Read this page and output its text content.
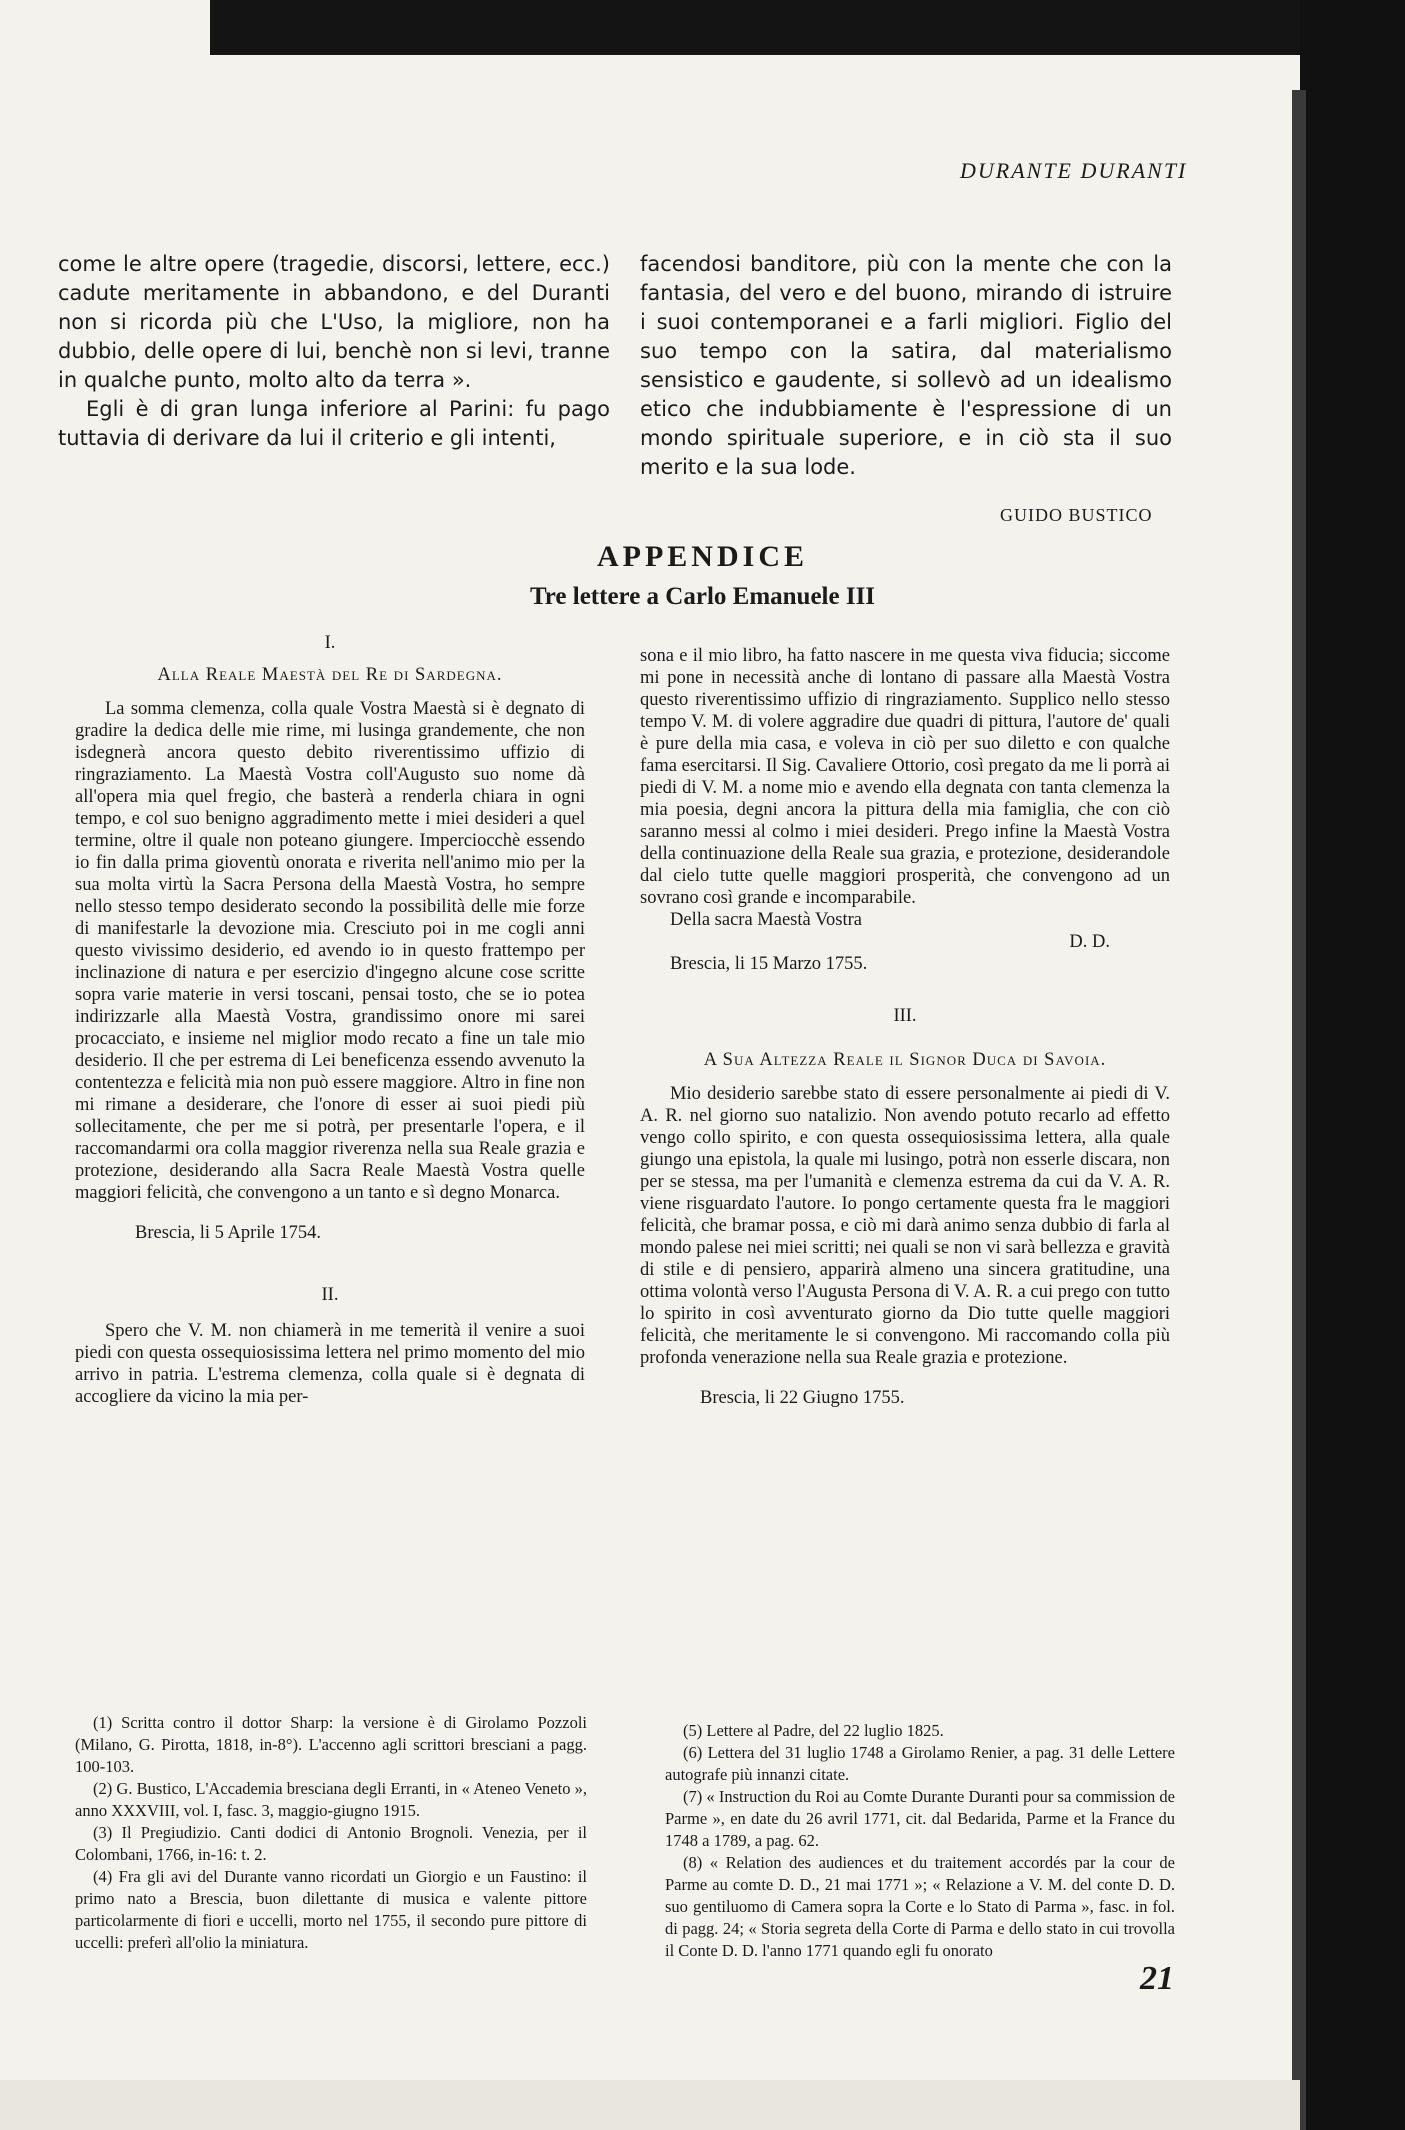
DURANTE DURANTI

come le altre opere (tragedie, discorsi, lettere, ecc.) cadute meritamente in abbandono, e del Duranti non si ricorda più che L'Uso, la migliore, non ha dubbio, delle opere di lui, benchè non si levi, tranne in qualche punto, molto alto da terra ».

Egli è di gran lunga inferiore al Parini: fu pago tuttavia di derivare da lui il criterio e gli intenti,

facendosi banditore, più con la mente che con la fantasia, del vero e del buono, mirando di istruire i suoi contemporanei e a farli migliori. Figlio del suo tempo con la satira, dal materialismo sensistico e gaudente, si sollevò ad un idealismo etico che indubbiamente è l'espressione di un mondo spirituale superiore, e in ciò sta il suo merito e la sua lode.

GUIDO BUSTICO
APPENDICE
Tre lettere a Carlo Emanuele III

I.

Alla Reale Maestà del Re di Sardegna.

La somma clemenza, colla quale Vostra Maestà si è degnato di gradire la dedica delle mie rime, mi lusinga grandemente, che non isdegnerà ancora questo debito riverentissimo uffizio di ringraziamento. La Maestà Vostra coll'Augusto suo nome dà all'opera mia quel fregio, che basterà a renderla chiara in ogni tempo, e col suo benigno aggradimento mette i miei desideri a quel termine, oltre il quale non poteano giungere. Imperciocchè essendo io fin dalla prima gioventù onorata e riverita nell'animo mio per la sua molta virtù la Sacra Persona della Maestà Vostra, ho sempre nello stesso tempo desiderato secondo la possibilità delle mie forze di manifestarle la devozione mia. Cresciuto poi in me cogli anni questo vivissimo desiderio, ed avendo io in questo frattempo per inclinazione di natura e per esercizio d'ingegno alcune cose scritte sopra varie materie in versi toscani, pensai tosto, che se io potea indirizzarle alla Maestà Vostra, grandissimo onore mi sarei procacciato, e insieme nel miglior modo recato a fine un tale mio desiderio. Il che per estrema di Lei beneficenza essendo avvenuto la contentezza e felicità mia non può essere maggiore. Altro in fine non mi rimane a desiderare, che l'onore di esser ai suoi piedi più sollecitamente, che per me si potrà, per presentarle l'opera, e il raccomandarmi ora colla maggior riverenza nella sua Reale grazia e protezione, desiderando alla Sacra Reale Maestà Vostra quelle maggiori felicità, che convengono a un tanto e sì degno Monarca.

Brescia, li 5 Aprile 1754.

II.

Spero che V. M. non chiamerà in me temerità il venire a suoi piedi con questa ossequiosissima lettera nel primo momento del mio arrivo in patria. L'estrema clemenza, colla quale si è degnata di accogliere da vicino la mia per-

sona e il mio libro, ha fatto nascere in me questa viva fiducia; siccome mi pone in necessità anche di lontano di passare alla Maestà Vostra questo riverentissimo uffizio di ringraziamento. Supplico nello stesso tempo V. M. di volere aggradire due quadri di pittura, l'autore de' quali è pure della mia casa, e voleva in ciò per suo diletto e con qualche fama esercitarsi. Il Sig. Cavaliere Ottorio, così pregato da me li porrà ai piedi di V. M. a nome mio e avendo ella degnata con tanta clemenza la mia poesia, degni ancora la pittura della mia famiglia, che con ciò saranno messi al colmo i miei desideri. Prego infine la Maestà Vostra della continuazione della Reale sua grazia, e protezione, desiderandole dal cielo tutte quelle maggiori prosperità, che convengono ad un sovrano così grande e incomparabile.

Della sacra Maestà Vostra

D. D.

Brescia, li 15 Marzo 1755.

III.

A Sua Altezza Reale il Signor Duca di Savoia.

Mio desiderio sarebbe stato di essere personalmente ai piedi di V. A. R. nel giorno suo natalizio. Non avendo potuto recarlo ad effetto vengo collo spirito, e con questa ossequiosissima lettera, alla quale giungo una epistola, la quale mi lusingo, potrà non esserle discara, non per se stessa, ma per l'umanità e clemenza estrema da cui da V. A. R. viene risguardato l'autore. Io pongo certamente questa fra le maggiori felicità, che bramar possa, e ciò mi darà animo senza dubbio di farla al mondo palese nei miei scritti; nei quali se non vi sarà bellezza e gravità di stile e di pensiero, apparirà almeno una sincera gratitudine, una ottima volontà verso l'Augusta Persona di V. A. R. a cui prego con tutto lo spirito in così avventurato giorno da Dio tutte quelle maggiori felicità, che meritamente le si convengono. Mi raccomando colla più profonda venerazione nella sua Reale grazia e protezione.

Brescia, li 22 Giugno 1755.

(1) Scritta contro il dottor Sharp: la versione è di Girolamo Pozzoli (Milano, G. Pirotta, 1818, in-8°). L'accenno agli scrittori bresciani a pagg. 100-103.

(2) G. Bustico, L'Accademia bresciana degli Erranti, in « Ateneo Veneto », anno XXXVIII, vol. I, fasc. 3, maggio-giugno 1915.

(3) Il Pregiudizio. Canti dodici di Antonio Brognoli. Venezia, per il Colombani, 1766, in-16: t. 2.

(4) Fra gli avi del Durante vanno ricordati un Giorgio e un Faustino: il primo nato a Brescia, buon dilettante di musica e valente pittore particolarmente di fiori e uccelli, morto nel 1755, il secondo pure pittore di uccelli: preferì all'olio la miniatura.

(5) Lettere al Padre, del 22 luglio 1825.

(6) Lettera del 31 luglio 1748 a Girolamo Renier, a pag. 31 delle Lettere autografe più innanzi citate.

(7) « Instruction du Roi au Comte Durante Duranti pour sa commission de Parme », en date du 26 avril 1771, cit. dal Bedarida, Parme et la France du 1748 a 1789, a pag. 62.

(8) « Relation des audiences et du traitement accordés par la cour de Parme au comte D. D., 21 mai 1771 »; « Relazione a V. M. del conte D. D. suo gentiluomo di Camera sopra la Corte e lo Stato di Parma », fasc. in fol. di pagg. 24; « Storia segreta della Corte di Parma e dello stato in cui trovolla il Conte D. D. l'anno 1771 quando egli fu onorato

21
